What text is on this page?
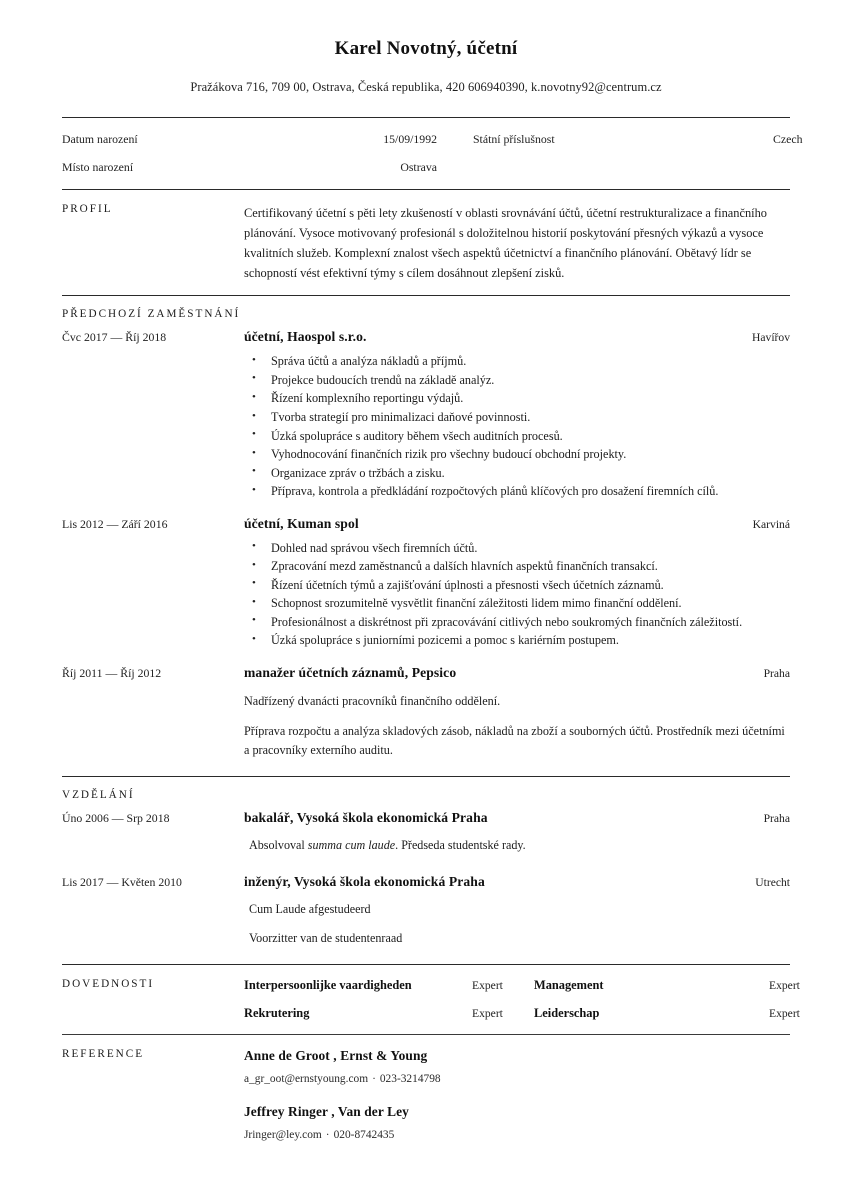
Karel Novotný, účetní
Pražákova 716, 709 00, Ostrava, Česká republika, 420 606940390, k.novotny92@centrum.cz
Datum narození	15/09/1992	Státní příslušnost	Czech
Místo narození	Ostrava
PROFIL	Certifikovaný účetní s pěti lety zkušeností v oblasti srovnávání účtů, účetní restrukturalizace a finančního plánování. Vysoce motivovaný profesionál s doložitelnou historií poskytování přesných výkazů a vysoce kvalitních služeb. Komplexní znalost všech aspektů účetnictví a finančního plánování. Obětavý lídr se schopností vést efektivní týmy s cílem dosáhnout zlepšení zisků.
PŘEDCHOZÍ ZAMĚSTNÁNÍ
Čvc 2017 — Říj 2018	účetní, Haospol s.r.o.	Havířov
• Správa účtů a analýza nákladů a příjmů.
• Projekce budoucích trendů na základě analýz.
• Řízení komplexního reportingu výdajů.
• Tvorba strategií pro minimalizaci daňové povinnosti.
• Úzká spolupráce s auditory během všech auditních procesů.
• Vyhodnocování finančních rizik pro všechny budoucí obchodní projekty.
• Organizace zpráv o tržbách a zisku.
• Příprava, kontrola a předkládání rozpočtových plánů klíčových pro dosažení firemních cílů.
Lis 2012 — Září 2016	účetní, Kuman spol	Karviná
• Dohled nad správou všech firemních účtů.
• Zpracování mezd zaměstnanců a dalších hlavních aspektů finančních transakcí.
• Řízení účetních týmů a zajišťování úplnosti a přesnosti všech účetních záznamů.
• Schopnost srozumitelně vysvětlit finanční záležitosti lidem mimo finanční oddělení.
• Profesionálnost a diskrétnost při zpracovávání citlivých nebo soukromých finančních záležitostí.
• Úzká spolupráce s juniorními pozicemi a pomoc s kariérním postupem.
Říj 2011 — Říj 2012	manažer účetních záznamů, Pepsico	Praha
Nadřízený dvanácti pracovníků finančního oddělení.
Příprava rozpočtu a analýza skladových zásob, nákladů na zboží a souborných účtů. Prostředník mezi účetními a pracovníky externího auditu.
VZDĚLÁNÍ
Úno 2006 — Srp 2018	bakalář, Vysoká škola ekonomická Praha	Praha
Absolvoval summa cum laude. Předseda studentské rady.
Lis 2017 — Květen 2010	inženýr, Vysoká škola ekonomická Praha	Utrecht
Cum Laude afgestudeerd
Voorzitter van de studentenraad
DOVEDNOSTI	Interpersoonlijke vaardigheden	Expert	Management	Expert
Rekrutering	Expert	Leiderschap	Expert
REFERENCE	Anne de Groot , Ernst & Young
a_gr_oot@ernstyoung.com · 023-3214798
Jeffrey Ringer , Van der Ley
Jringer@ley.com · 020-8742435
